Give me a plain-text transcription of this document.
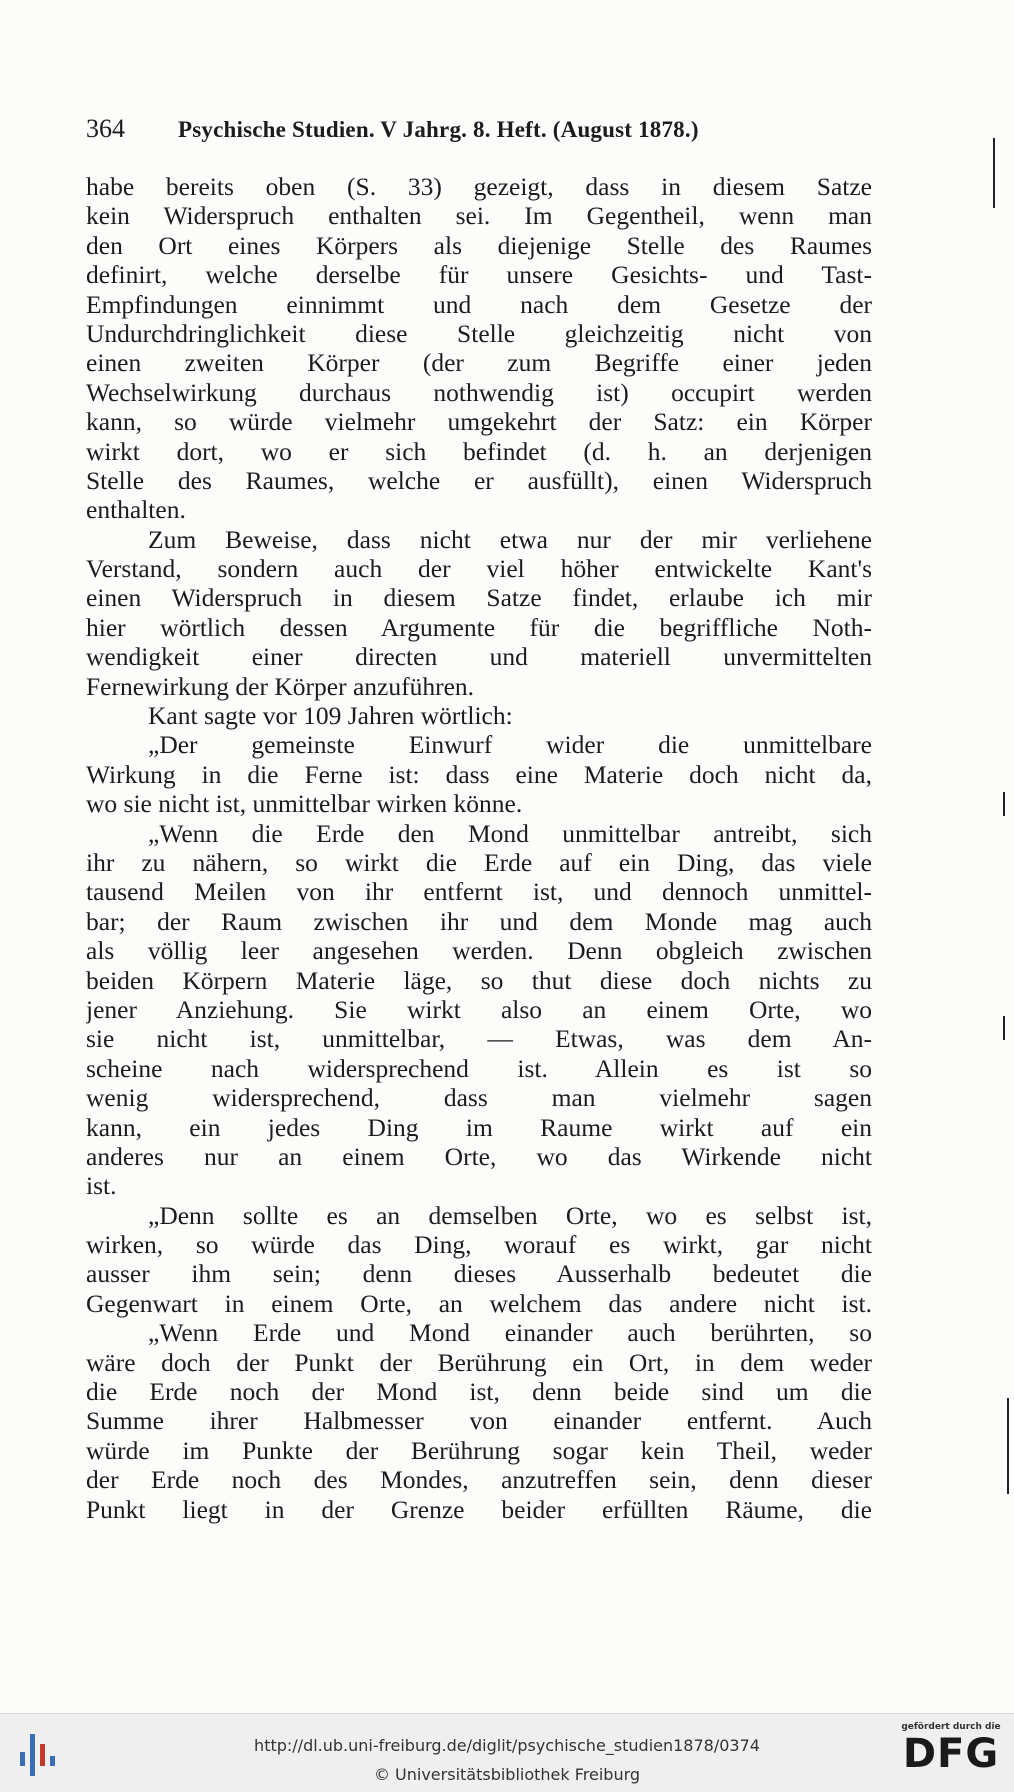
364	Psychische Studien. V Jahrg. 8. Heft. (August 1878.)
habe bereits oben (S. 33) gezeigt, dass in diesem Satze
kein Widerspruch enthalten sei. Im Gegentheil, wenn man
den Ort eines Körpers als diejenige Stelle des Raumes
definirt, welche derselbe für unsere Gesichts- und Tast-
Empfindungen einnimmt und nach dem Gesetze der
Undurchdringlichkeit diese Stelle gleichzeitig nicht von
einen zweiten Körper (der zum Begriffe einer jeden
Wechselwirkung durchaus nothwendig ist) occupirt werden
kann, so würde vielmehr umgekehrt der Satz: ein Körper
wirkt dort, wo er sich befindet (d. h. an derjenigen
Stelle des Raumes, welche er ausfüllt), einen Widerspruch
enthalten.
Zum Beweise, dass nicht etwa nur der mir verliehene
Verstand, sondern auch der viel höher entwickelte Kant's
einen Widerspruch in diesem Satze findet, erlaube ich mir
hier wörtlich dessen Argumente für die begriffliche Noth-
wendigkeit einer directen und materiell unvermittelten
Fernewirkung der Körper anzuführen.
Kant sagte vor 109 Jahren wörtlich:
„Der gemeinste Einwurf wider die unmittelbare
Wirkung in die Ferne ist: dass eine Materie doch nicht da,
wo sie nicht ist, unmittelbar wirken könne.
„Wenn die Erde den Mond unmittelbar antreibt, sich
ihr zu nähern, so wirkt die Erde auf ein Ding, das viele
tausend Meilen von ihr entfernt ist, und dennoch unmittel-
bar; der Raum zwischen ihr und dem Monde mag auch
als völlig leer angesehen werden. Denn obgleich zwischen
beiden Körpern Materie läge, so thut diese doch nichts zu
jener Anziehung. Sie wirkt also an einem Orte, wo
sie nicht ist, unmittelbar, — Etwas, was dem An-
scheine nach widersprechend ist. Allein es ist so
wenig widersprechend, dass man vielmehr sagen
kann, ein jedes Ding im Raume wirkt auf ein
anderes nur an einem Orte, wo das Wirkende nicht
ist.
„Denn sollte es an demselben Orte, wo es selbst ist,
wirken, so würde das Ding, worauf es wirkt, gar nicht
ausser ihm sein; denn dieses Ausserhalb bedeutet die
Gegenwart in einem Orte, an welchem das andere nicht ist.
„Wenn Erde und Mond einander auch berührten, so
wäre doch der Punkt der Berührung ein Ort, in dem weder
die Erde noch der Mond ist, denn beide sind um die
Summe ihrer Halbmesser von einander entfernt. Auch
würde im Punkte der Berührung sogar kein Theil, weder
der Erde noch des Mondes, anzutreffen sein, denn dieser
Punkt liegt in der Grenze beider erfüllten Räume, die
http://dl.ub.uni-freiburg.de/diglit/psychische_studien1878/0374
© Universitätsbibliothek Freiburg
gefördert durch die
DFG
